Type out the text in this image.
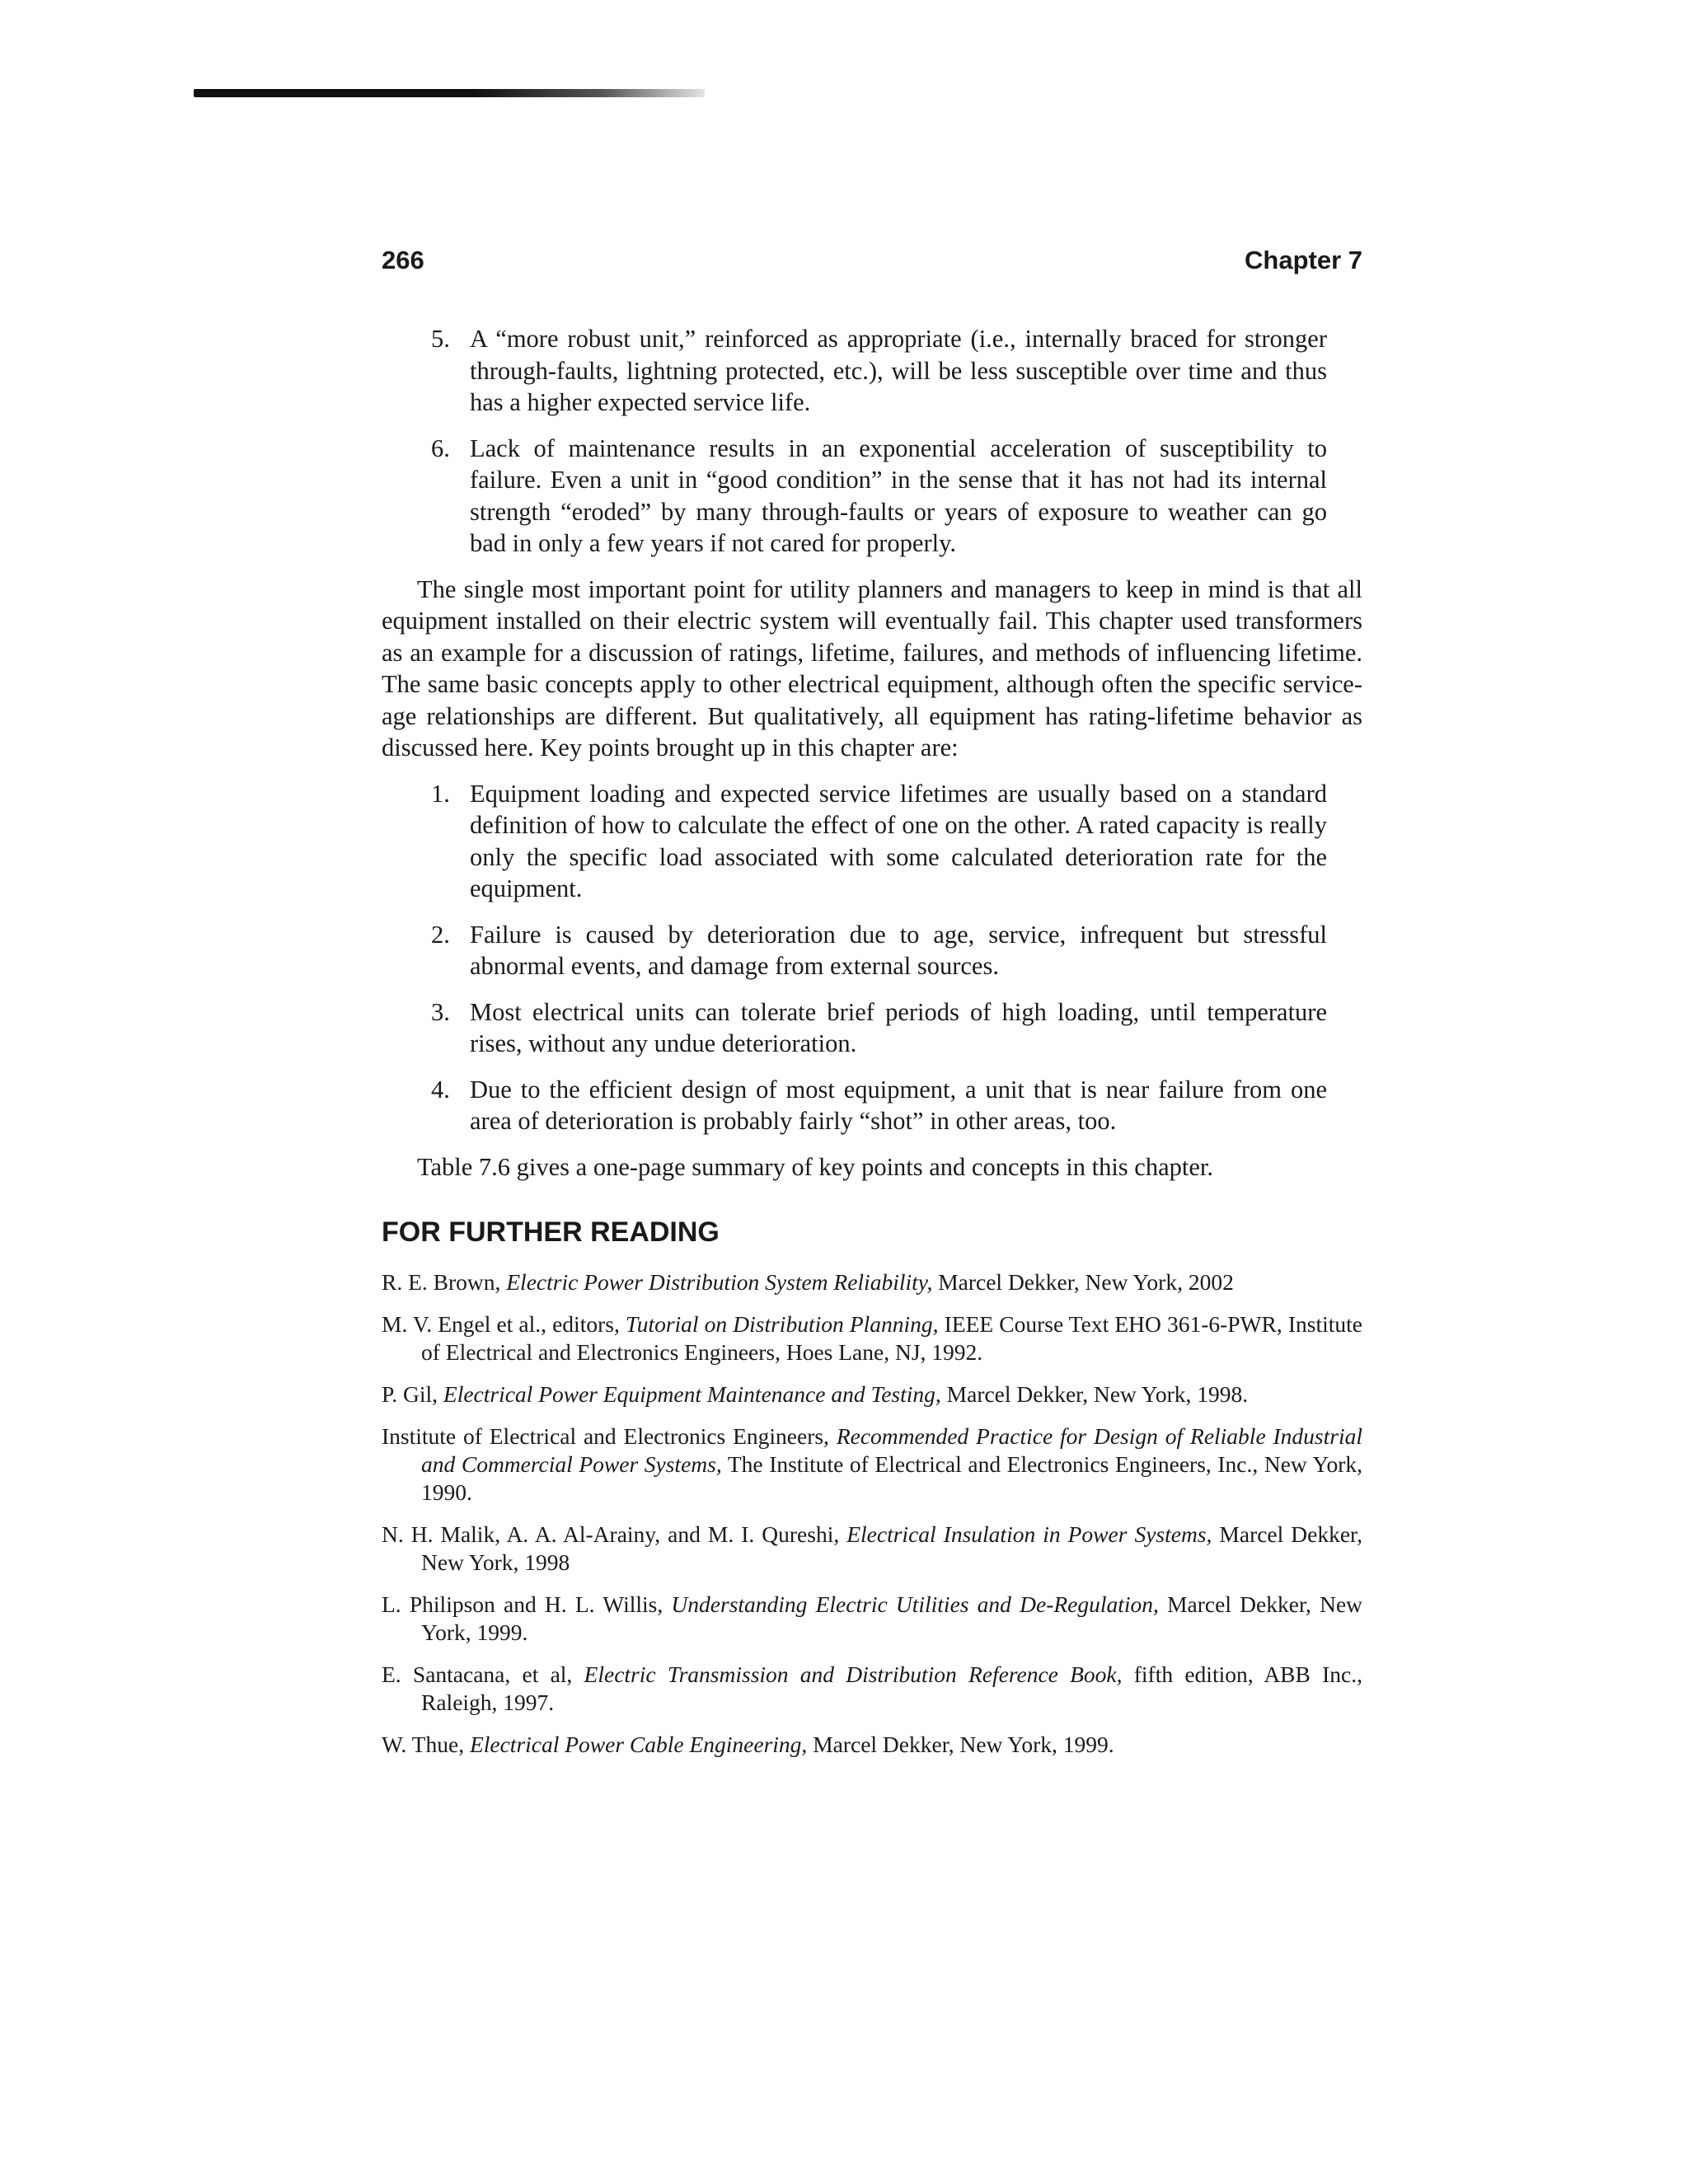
266	Chapter 7
5. A “more robust unit,” reinforced as appropriate (i.e., internally braced for stronger through-faults, lightning protected, etc.), will be less susceptible over time and thus has a higher expected service life.
6. Lack of maintenance results in an exponential acceleration of susceptibility to failure. Even a unit in “good condition” in the sense that it has not had its internal strength “eroded” by many through-faults or years of exposure to weather can go bad in only a few years if not cared for properly.

The single most important point for utility planners and managers to keep in mind is that all equipment installed on their electric system will eventually fail. This chapter used transformers as an example for a discussion of ratings, lifetime, failures, and methods of influencing lifetime. The same basic concepts apply to other electrical equipment, although often the specific service-age relationships are different. But qualitatively, all equipment has rating-lifetime behavior as discussed here. Key points brought up in this chapter are:

1. Equipment loading and expected service lifetimes are usually based on a standard definition of how to calculate the effect of one on the other. A rated capacity is really only the specific load associated with some calculated deterioration rate for the equipment.
2. Failure is caused by deterioration due to age, service, infrequent but stressful abnormal events, and damage from external sources.
3. Most electrical units can tolerate brief periods of high loading, until temperature rises, without any undue deterioration.
4. Due to the efficient design of most equipment, a unit that is near failure from one area of deterioration is probably fairly “shot” in other areas, too.

Table 7.6 gives a one-page summary of key points and concepts in this chapter.

FOR FURTHER READING
R. E. Brown, Electric Power Distribution System Reliability, Marcel Dekker, New York, 2002
M. V. Engel et al., editors, Tutorial on Distribution Planning, IEEE Course Text EHO 361-6-PWR, Institute of Electrical and Electronics Engineers, Hoes Lane, NJ, 1992.
P. Gil, Electrical Power Equipment Maintenance and Testing, Marcel Dekker, New York, 1998.
Institute of Electrical and Electronics Engineers, Recommended Practice for Design of Reliable Industrial and Commercial Power Systems, The Institute of Electrical and Electronics Engineers, Inc., New York, 1990.
N. H. Malik, A. A. Al-Arainy, and M. I. Qureshi, Electrical Insulation in Power Systems, Marcel Dekker, New York, 1998
L. Philipson and H. L. Willis, Understanding Electric Utilities and De-Regulation, Marcel Dekker, New York, 1999.
E. Santacana, et al, Electric Transmission and Distribution Reference Book, fifth edition, ABB Inc., Raleigh, 1997.
W. Thue, Electrical Power Cable Engineering, Marcel Dekker, New York, 1999.
